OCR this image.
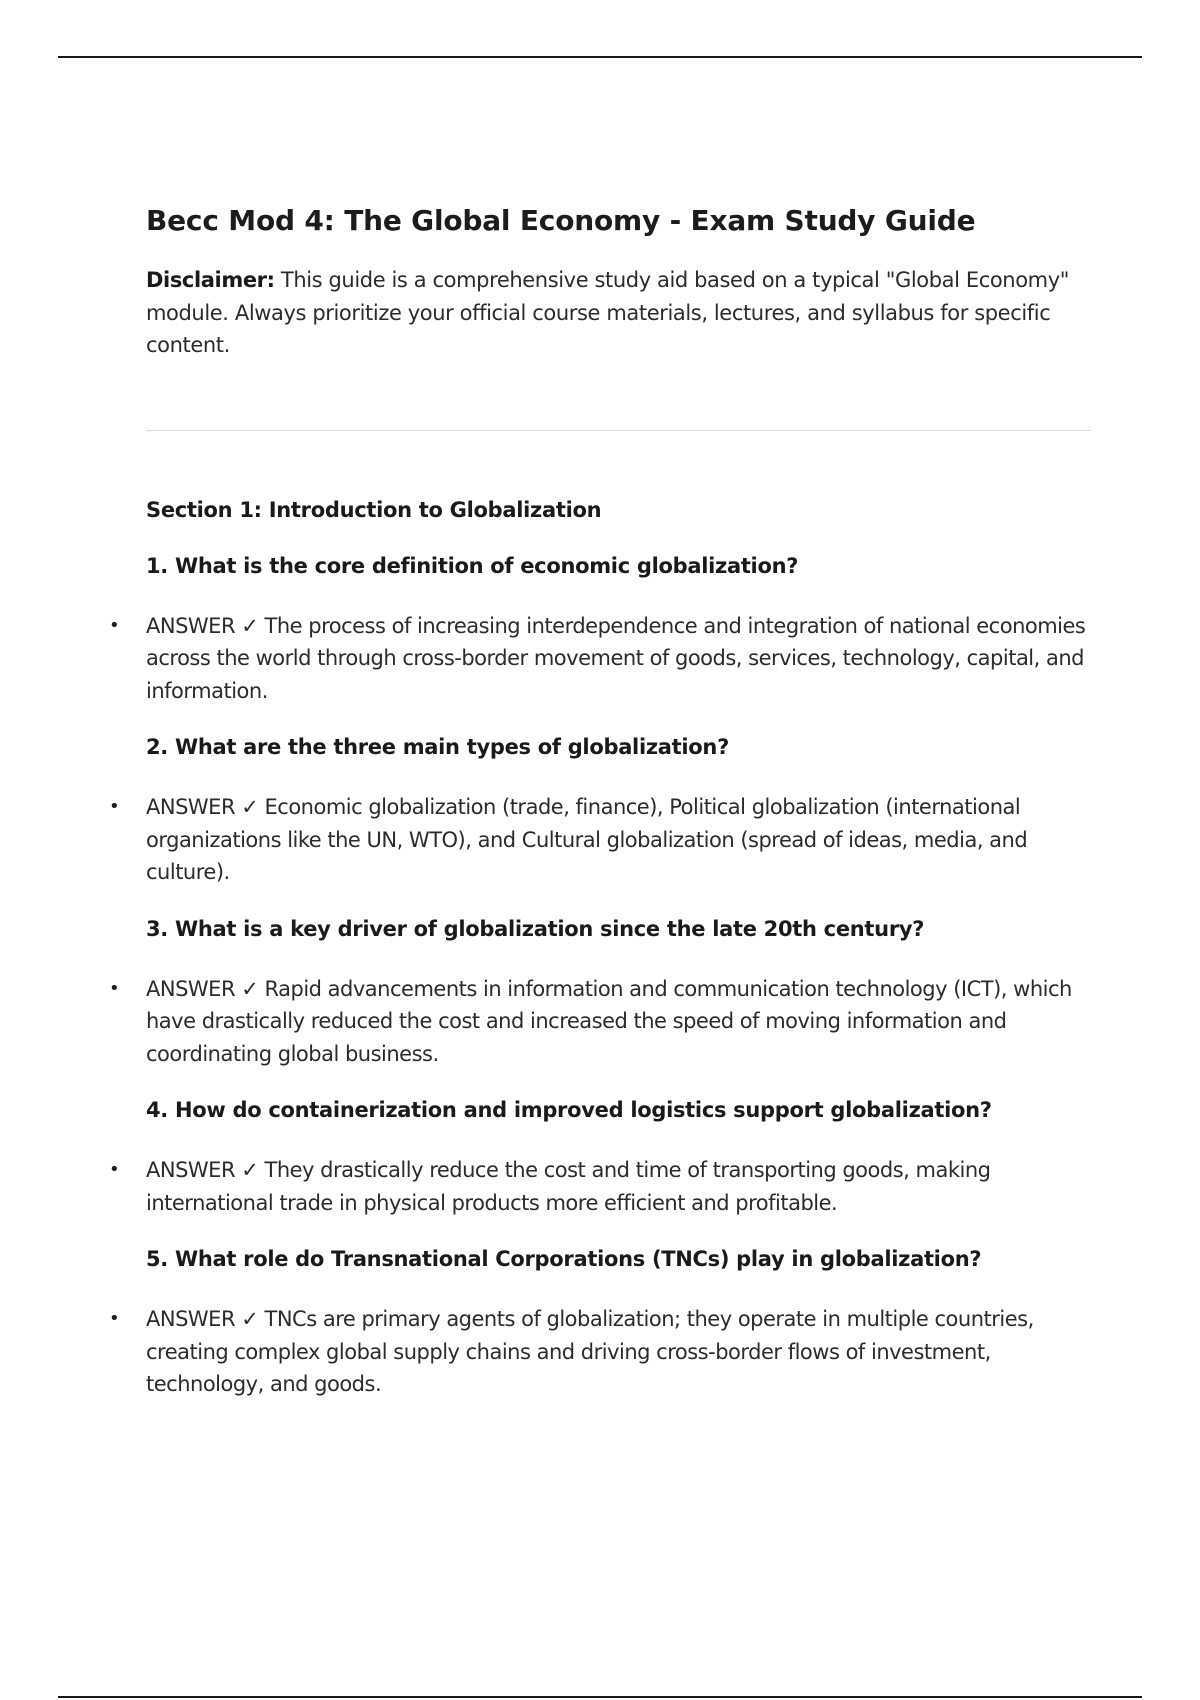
Becc Mod 4: The Global Economy - Exam Study Guide

Disclaimer: This guide is a comprehensive study aid based on a typical "Global Economy" module. Always prioritize your official course materials, lectures, and syllabus for specific content.

Section 1: Introduction to Globalization
1. What is the core definition of economic globalization?
• ANSWER ✓ The process of increasing interdependence and integration of national economies across the world through cross-border movement of goods, services, technology, capital, and information.
2. What are the three main types of globalization?
• ANSWER ✓ Economic globalization (trade, finance), Political globalization (international organizations like the UN, WTO), and Cultural globalization (spread of ideas, media, and culture).
3. What is a key driver of globalization since the late 20th century?
• ANSWER ✓ Rapid advancements in information and communication technology (ICT), which have drastically reduced the cost and increased the speed of moving information and coordinating global business.
4. How do containerization and improved logistics support globalization?
• ANSWER ✓ They drastically reduce the cost and time of transporting goods, making international trade in physical products more efficient and profitable.
5. What role do Transnational Corporations (TNCs) play in globalization?
• ANSWER ✓ TNCs are primary agents of globalization; they operate in multiple countries, creating complex global supply chains and driving cross-border flows of investment, technology, and goods.
